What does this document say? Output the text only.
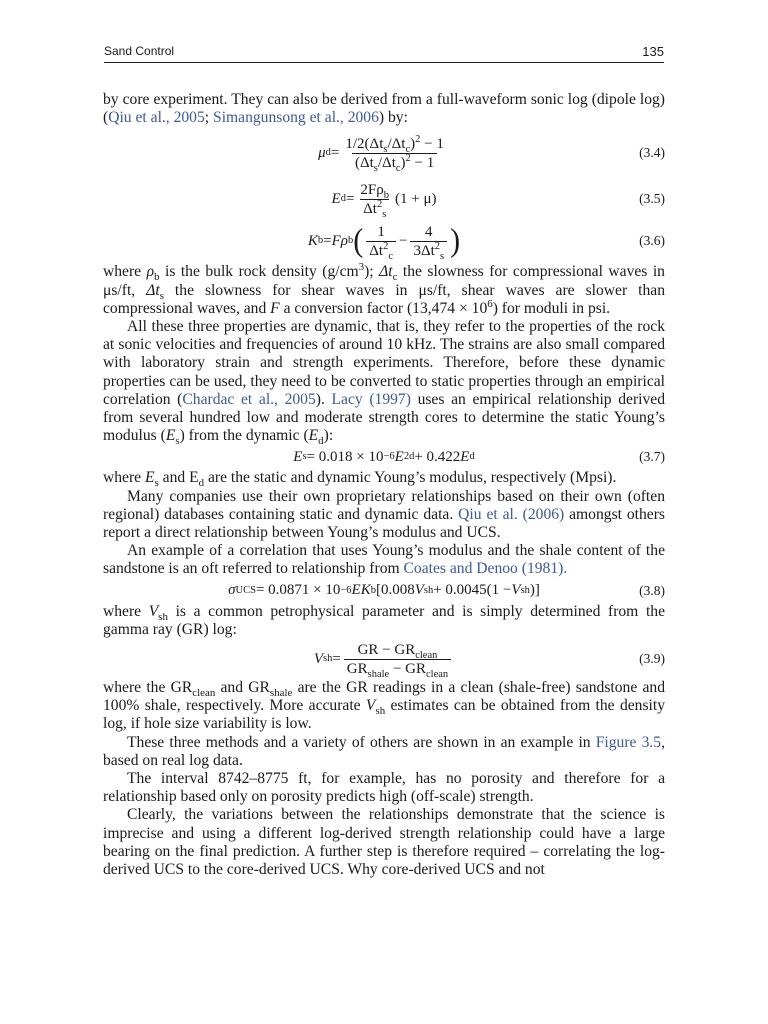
Sand Control	135

by core experiment. They can also be derived from a full-waveform sonic log (dipole log) (Qiu et al., 2005; Simangunsong et al., 2006) by:

μ $d = \frac{1/2(\Delta t_s/\Delta t_c)^2 - 1}{(\Delta t_s/\Delta t_c)^2 - 1}$	(3.4)
E $d = \frac{2F\rho_b}{\Delta t^2_s} (1 + \mu)$	(3.5)
K b = Fρ b ( $\frac{1}{\Delta t^2_c} - \frac{4}{3\Delta t^2_s}$ )	(3.6)

where $\rho_b$ is the bulk rock density $(g/cm^3)$; $\Delta t_c$ the slowness for compressional waves in μs/ft, $\Delta t_s$ the slowness for shear waves in μs/ft, shear waves are slower than compressional waves, and F a conversion factor $(13,474 \times 10^6)$ for moduli in psi.

All these three properties are dynamic, that is, they refer to the properties of the rock at sonic velocities and frequencies of around 10 kHz. The strains are also small compared with laboratory strain and strength experiments. Therefore, before these dynamic properties can be used, they need to be converted to static properties through an empirical correlation (Chardac et al., 2005). Lacy (1997) uses an empirical relationship derived from several hundred low and moderate strength cores to determine the static Young’s modulus $(E_s)$ from the dynamic $(E_d)$:

E s = 0.018 × 10 −6 E 2 d + 0.422 E d	(3.7)

where $E_s$ and $E_d$ are the static and dynamic Young’s modulus, respectively (Mpsi).

Many companies use their own proprietary relationships based on their own (often regional) databases containing static and dynamic data. Qiu et al. (2006) amongst others report a direct relationship between Young’s modulus and UCS.

An example of a correlation that uses Young’s modulus and the shale content of the sandstone is an oft referred to relationship from Coates and Denoo (1981).

σ UCS = 0.0871 × 10 −6 EK b [0.008 V sh + 0.0045(1 − V sh )]	(3.8)

where $V_{sh}$ is a common petrophysical parameter and is simply determined from the gamma ray (GR) log:

V sh = $\frac{GR - GR_{clean}}{GR_{shale} - GR_{clean}}$	(3.9)

where the $GR_{clean}$ and $GR_{shale}$ are the GR readings in a clean (shale-free) sandstone and 100% shale, respectively. More accurate $V_{sh}$ estimates can be obtained from the density log, if hole size variability is low.

These three methods and a variety of others are shown in an example in Figure 3.5, based on real log data.

The interval 8742–8775 ft, for example, has no porosity and therefore for a relationship based only on porosity predicts high (off-scale) strength.

Clearly, the variations between the relationships demonstrate that the science is imprecise and using a different log-derived strength relationship could have a large bearing on the final prediction. A further step is therefore required – correlating the log-derived UCS to the core-derived UCS. Why core-derived UCS and not
